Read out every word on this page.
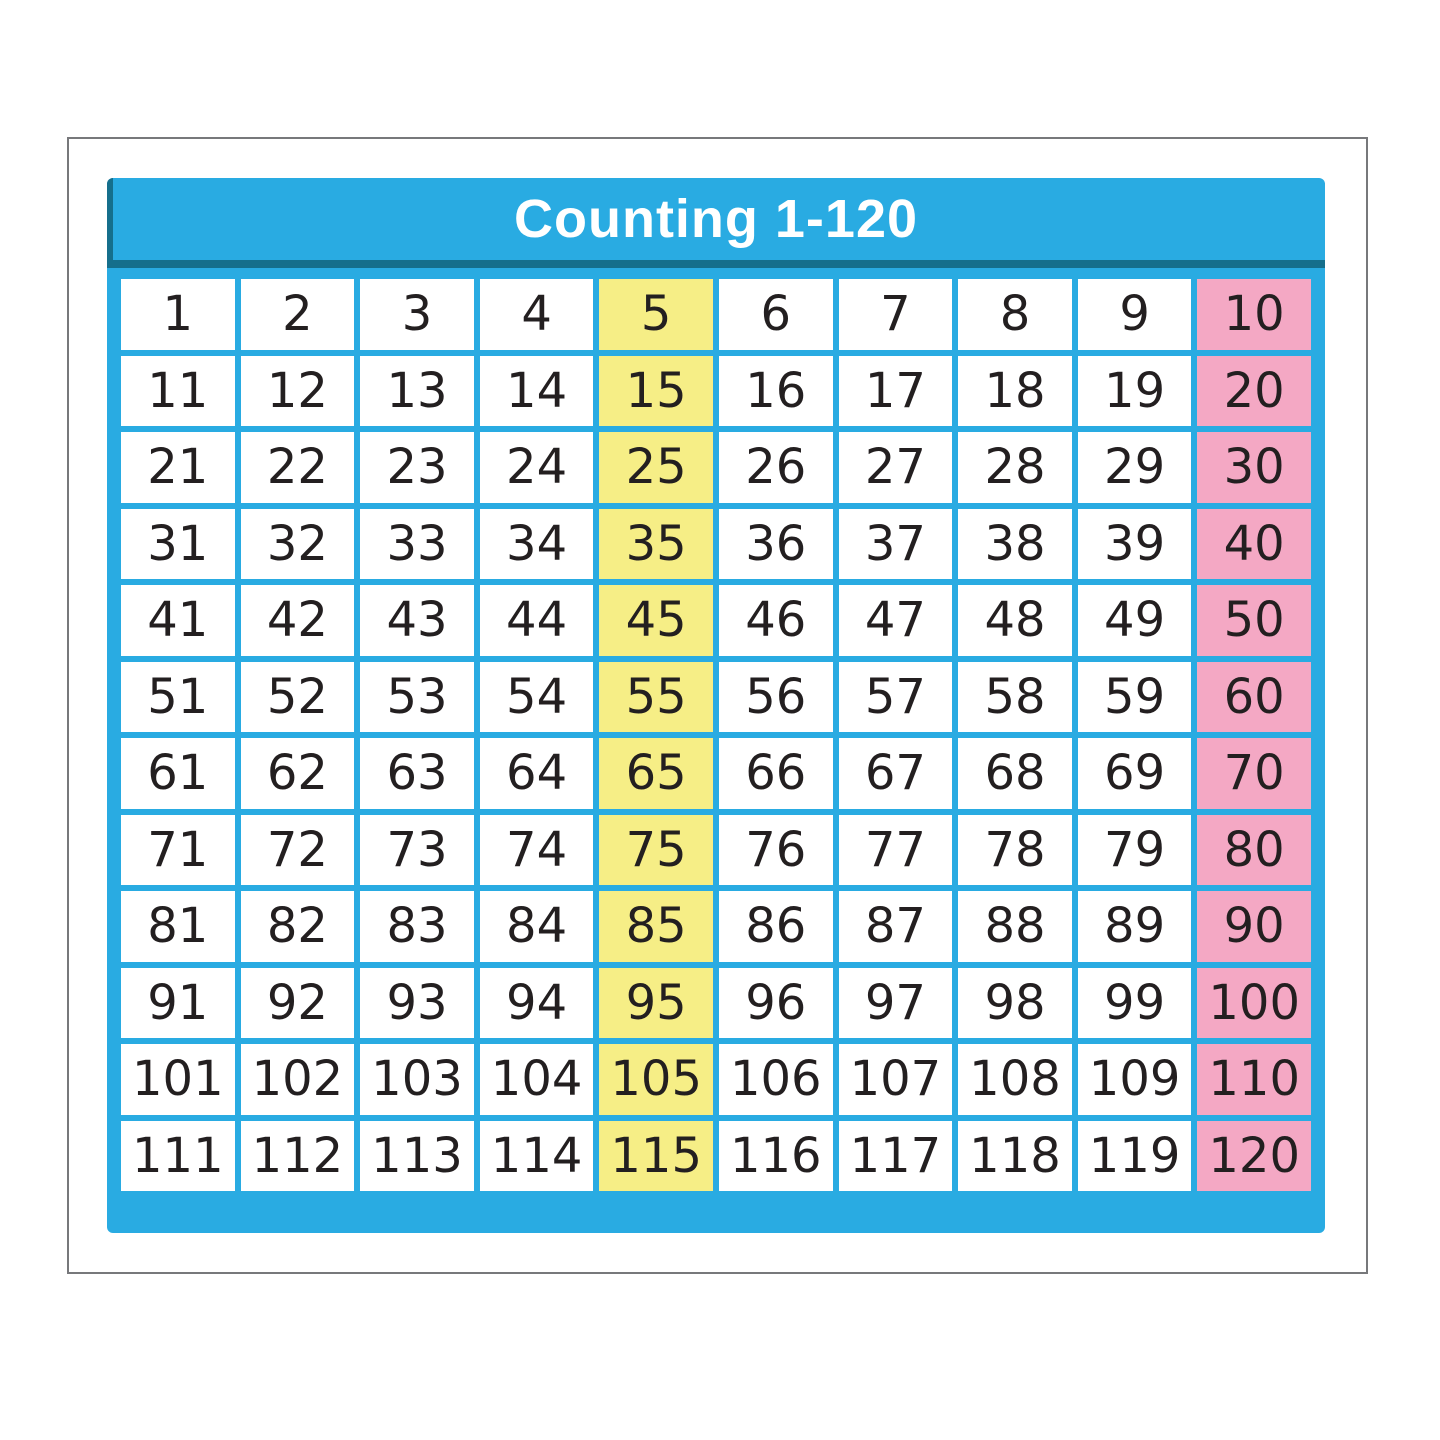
Counting 1-120
1	2	3	4	5	6	7	8	9	10
11	12	13	14	15	16	17	18	19	20
21	22	23	24	25	26	27	28	29	30
31	32	33	34	35	36	37	38	39	40
41	42	43	44	45	46	47	48	49	50
51	52	53	54	55	56	57	58	59	60
61	62	63	64	65	66	67	68	69	70
71	72	73	74	75	76	77	78	79	80
81	82	83	84	85	86	87	88	89	90
91	92	93	94	95	96	97	98	99 100
101 102 103 104 105 106 107 108 109 110
111 112 113 114 115 116 117 118 119 120
